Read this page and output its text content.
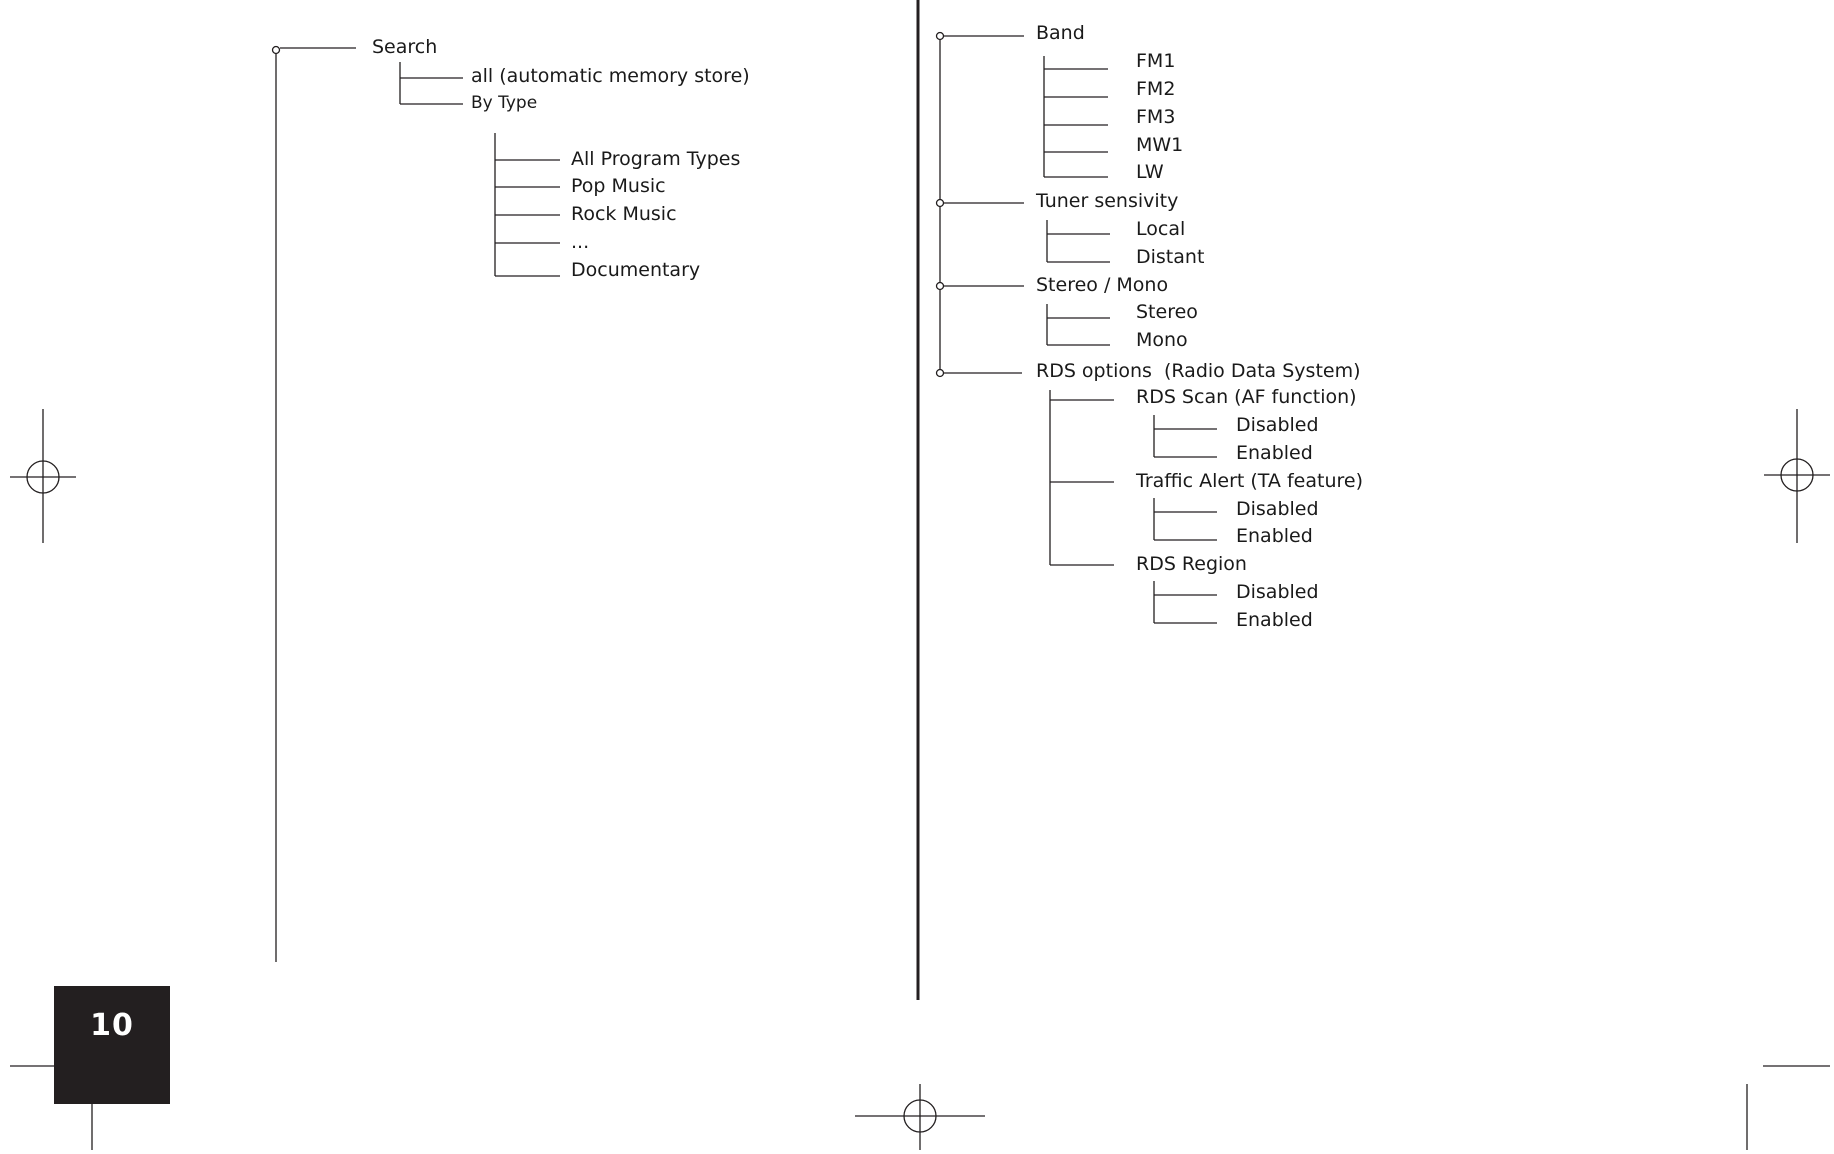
Search
all (automatic memory store)
By Type
All Program Types
Pop Music
Rock Music
...
Documentary
Band
FM1
FM2
FM3
MW1
LW
Tuner sensivity
Local
Distant
Stereo / Mono
Stereo
Mono
RDS options  (Radio Data System)
RDS Scan (AF function)
Disabled
Enabled
Traffic Alert (TA feature)
Disabled
Enabled
RDS Region
Disabled
Enabled
10
